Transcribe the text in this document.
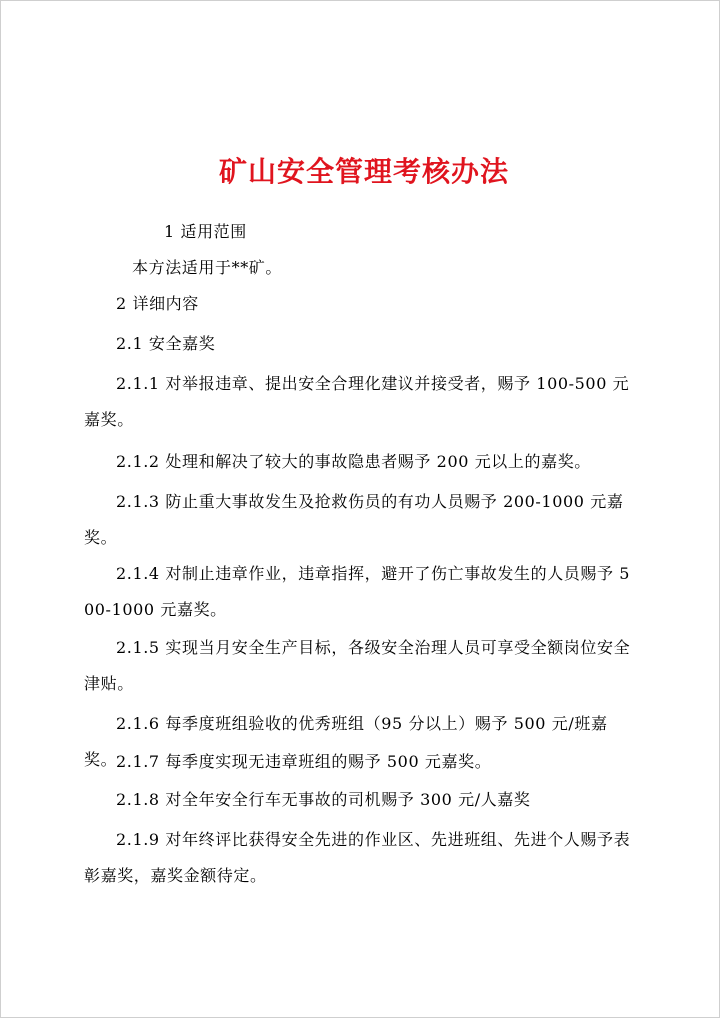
矿山安全管理考核办法
1 适用范围
本方法适用于**矿。
2 详细内容
2.1 安全嘉奖
2.1.1 对举报违章、提出安全合理化建议并接受者，赐予 100-500 元嘉奖。
2.1.2 处理和解决了较大的事故隐患者赐予 200 元以上的嘉奖。
2.1.3 防止重大事故发生及抢救伤员的有功人员赐予 200-1000 元嘉奖。
2.1.4 对制止违章作业，违章指挥，避开了伤亡事故发生的人员赐予 500-1000 元嘉奖。
2.1.5 实现当月安全生产目标，各级安全治理人员可享受全额岗位安全津贴。
2.1.6 每季度班组验收的优秀班组（95 分以上）赐予 500 元/班嘉奖。
2.1.7 每季度实现无违章班组的赐予 500 元嘉奖。
2.1.8 对全年安全行车无事故的司机赐予 300 元/人嘉奖
2.1.9 对年终评比获得安全先进的作业区、先进班组、先进个人赐予表彰嘉奖，嘉奖金额待定。
